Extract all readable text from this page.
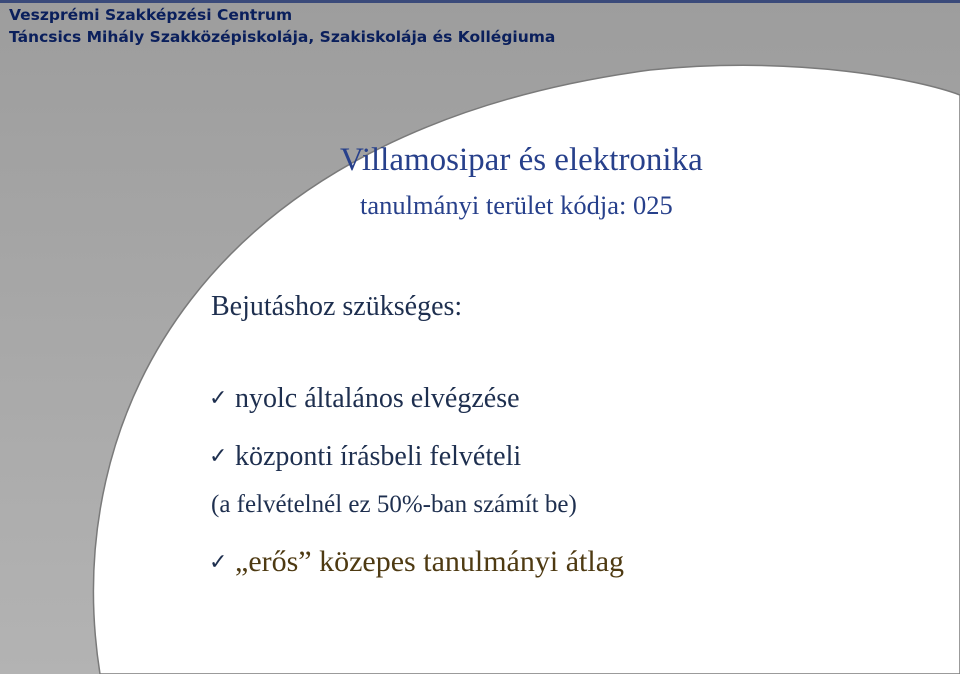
Veszprémi Szakképzési Centrum
Táncsics Mihály Szakközépiskolája, Szakiskolája és Kollégiuma
Villamosipar és elektronika
tanulmányi terület kódja: 025
Bejutáshoz szükséges:
✓ nyolc általános elvégzése
✓ központi írásbeli felvételi
(a felvételnél ez 50%-ban számít be)
✓ „erős” közepes tanulmányi átlag
